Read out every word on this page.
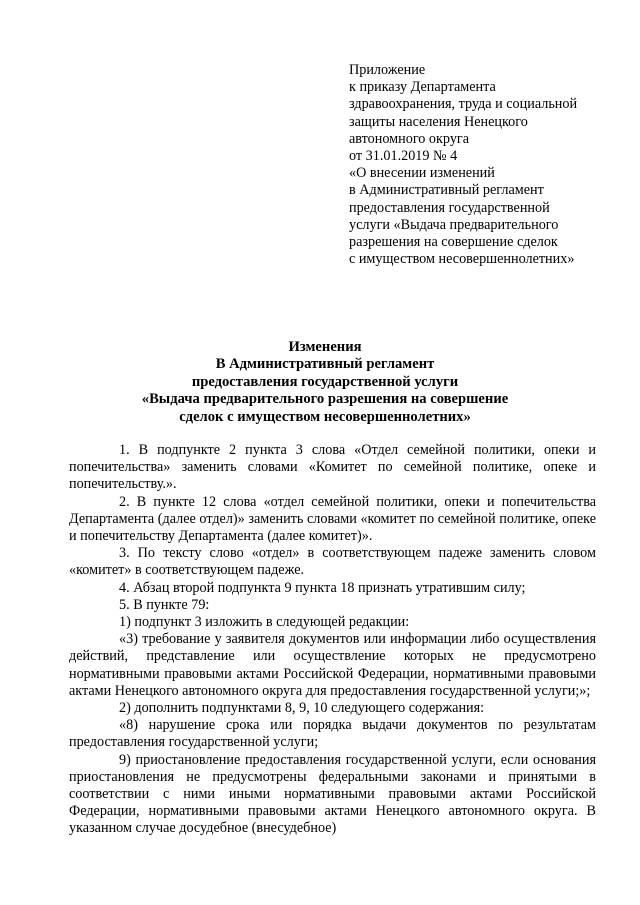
Приложение
к приказу Департамента
здравоохранения, труда и социальной
защиты населения Ненецкого
автономного округа
от 31.01.2019 № 4
«О внесении изменений
в Административный регламент
предоставления государственной
услуги «Выдача предварительного
разрешения на совершение сделок
с имуществом несовершеннолетних»
Изменения
В Административный регламент
предоставления государственной услуги
«Выдача предварительного разрешения на совершение
сделок с имуществом несовершеннолетних»

1. В подпункте 2 пункта 3 слова «Отдел семейной политики, опеки и попечительства» заменить словами «Комитет по семейной политике, опеке и попечительству.».

2. В пункте 12 слова «отдел семейной политики, опеки и попечительства Департамента (далее отдел)» заменить словами «комитет по семейной политике, опеке и попечительству Департамента (далее комитет)».

3. По тексту слово «отдел» в соответствующем падеже заменить словом «комитет» в соответствующем падеже.

4. Абзац второй подпункта 9 пункта 18 признать утратившим силу;

5. В пункте 79:

1) подпункт 3 изложить в следующей редакции:

«3) требование у заявителя документов или информации либо осуществления действий, представление или осуществление которых не предусмотрено нормативными правовыми актами Российской Федерации, нормативными правовыми актами Ненецкого автономного округа для предоставления государственной услуги;»;

2) дополнить подпунктами 8, 9, 10 следующего содержания:

«8) нарушение срока или порядка выдачи документов по результатам предоставления государственной услуги;

9) приостановление предоставления государственной услуги, если основания приостановления не предусмотрены федеральными законами и принятыми в соответствии с ними иными нормативными правовыми актами Российской Федерации, нормативными правовыми актами Ненецкого автономного округа. В указанном случае досудебное (внесудебное)
